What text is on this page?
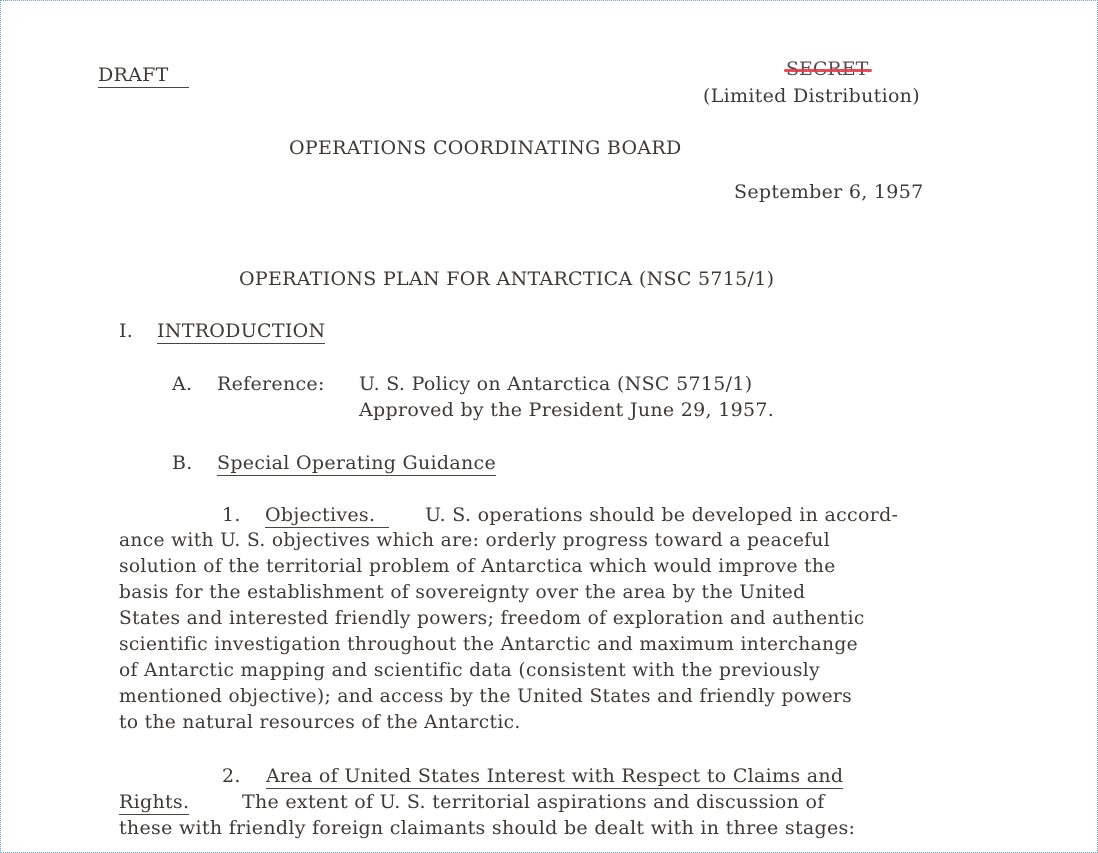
DRAFT
(Limited Distribution)
OPERATIONS COORDINATING BOARD
September 6, 1957
OPERATIONS PLAN FOR ANTARCTICA (NSC 5715/1)
I. INTRODUCTION
A. Reference: U. S. Policy on Antarctica (NSC 5715/1)
Approved by the President June 29, 1957.
B. Special Operating Guidance
1. Objectives.	U. S. operations should be developed in accord-
ance with U. S. objectives which are: orderly progress toward a peaceful
solution of the territorial problem of Antarctica which would improve the
basis for the establishment of sovereignty over the area by the United
States and interested friendly powers; freedom of exploration and authentic
scientific investigation throughout the Antarctic and maximum interchange
of Antarctic mapping and scientific data (consistent with the previously
mentioned objective); and access by the United States and friendly powers
to the natural resources of the Antarctic.
2. Area of United States Interest with Respect to Claims and
Rights.	The extent of U. S. territorial aspirations and discussion of
these with friendly foreign claimants should be dealt with in three stages:
